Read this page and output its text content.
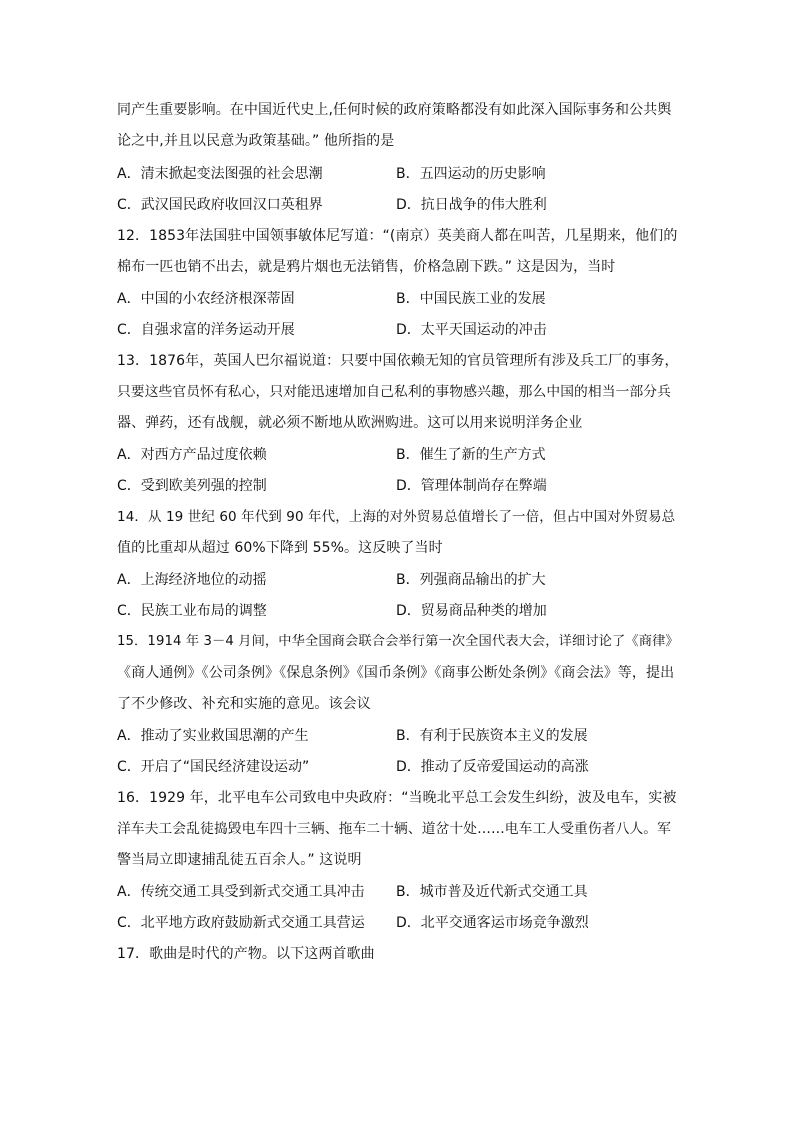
同产生重要影响。在中国近代史上,任何时候的政府策略都没有如此深入国际事务和公共舆
论之中,并且以民意为政策基础。” 他所指的是
A．清末掀起变法图强的社会思潮	B．五四运动的历史影响
C．武汉国民政府收回汉口英租界	D．抗日战争的伟大胜利
12．1853年法国驻中国领事敏体尼写道：“(南京）英美商人都在叫苦，几星期来，他们的
棉布一匹也销不出去，就是鸦片烟也无法销售，价格急剧下跌。” 这是因为，当时
A．中国的小农经济根深蒂固	B．中国民族工业的发展
C．自强求富的洋务运动开展	D．太平天国运动的冲击
13．1876年，英国人巴尔福说道：只要中国依赖无知的官员管理所有涉及兵工厂的事务，
只要这些官员怀有私心，只对能迅速增加自己私利的事物感兴趣，那么中国的相当一部分兵
器、弹药，还有战舰，就必须不断地从欧洲购进。这可以用来说明洋务企业
A．对西方产品过度依赖	B．催生了新的生产方式
C．受到欧美列强的控制	D．管理体制尚存在弊端
14．从 19 世纪 60 年代到 90 年代，上海的对外贸易总值增长了一倍，但占中国对外贸易总
值的比重却从超过 60%下降到 55%。这反映了当时
A．上海经济地位的动摇	B．列强商品输出的扩大
C．民族工业布局的调整	D．贸易商品种类的增加
15．1914 年 3－4 月间，中华全国商会联合会举行第一次全国代表大会，详细讨论了《商律》
《商人通例》《公司条例》《保息条例》《国币条例》《商事公断处条例》《商会法》等，提出
了不少修改、补充和实施的意见。该会议
A．推动了实业救国思潮的产生	B．有利于民族资本主义的发展
C．开启了“国民经济建设运动”	D．推动了反帝爱国运动的高涨
16．1929 年，北平电车公司致电中央政府：“当晚北平总工会发生纠纷，波及电车，实被
洋车夫工会乱徒捣毁电车四十三辆、拖车二十辆、道岔十处……电车工人受重伤者八人。军
警当局立即逮捕乱徒五百余人。” 这说明
A．传统交通工具受到新式交通工具冲击 B．城市普及近代新式交通工具
C．北平地方政府鼓励新式交通工具营运 D．北平交通客运市场竞争激烈
17．歌曲是时代的产物。以下这两首歌曲
